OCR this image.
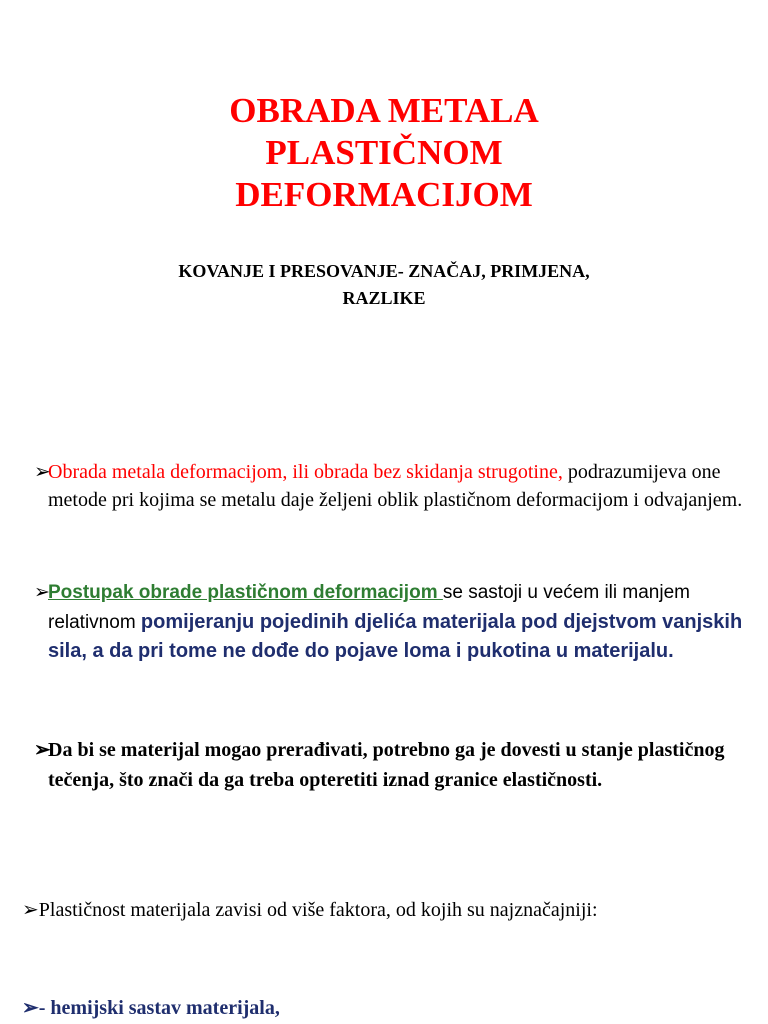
OBRADA METALA
PLASTIČNOM
DEFORMACIJOM
KOVANJE I PRESOVANJE- ZNAČAJ, PRIMJENA,
RAZLIKE
➢
Obrada metala deformacijom, ili obrada bez skidanja strugotine, podrazumijeva one metode pri kojima se metalu daje željeni oblik plastičnom deformacijom i odvajanjem.
➢
Postupak obrade plastičnom deformacijom se sastoji u većem ili manjem relativnom pomijeranju pojedinih djelića materijala pod djejstvom vanjskih sila, a da pri tome ne dođe do pojave loma i pukotina u materijalu.
➢
Da bi se materijal mogao prerađivati, potrebno ga je dovesti u stanje plastičnog tečenja, što znači da ga treba opteretiti iznad granice elastičnosti.
➢Plastičnost materijala zavisi od više faktora, od kojih su najznačajniji:
➢- hemijski sastav materijala,
